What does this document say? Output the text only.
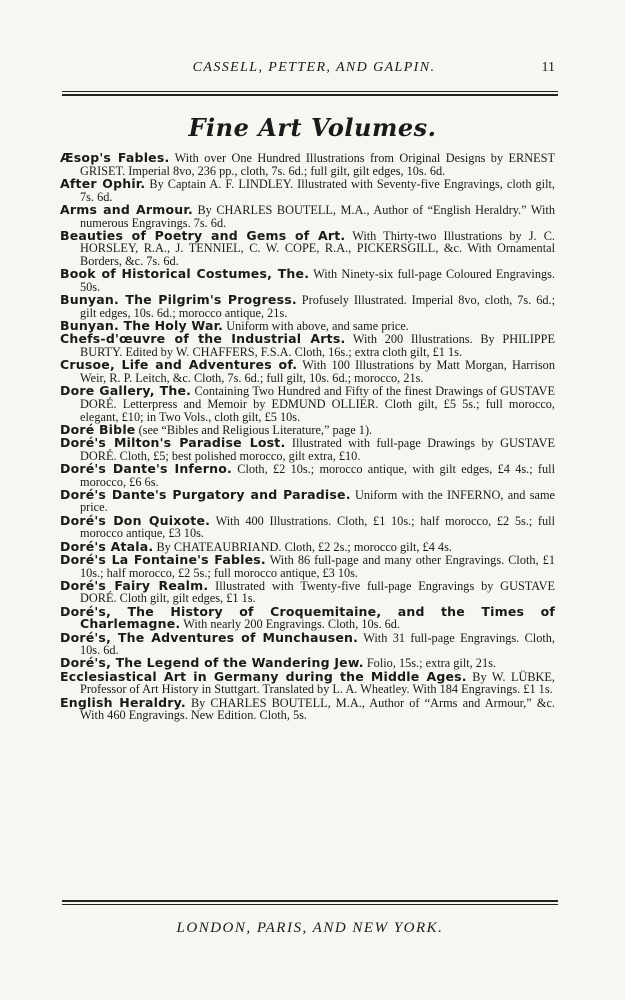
CASSELL, PETTER, AND GALPIN.	11
Fine Art Volumes.

Æsop's Fables. With over One Hundred Illustrations from Original Designs by ERNEST GRISET. Imperial 8vo, 236 pp., cloth, 7s. 6d.; full gilt, gilt edges, 10s. 6d.

After Ophir. By Captain A. F. LINDLEY. Illustrated with Seventy-five Engravings, cloth gilt, 7s. 6d.

Arms and Armour. By CHARLES BOUTELL, M.A., Author of “English Heraldry.” With numerous Engravings. 7s. 6d.

Beauties of Poetry and Gems of Art. With Thirty-two Illustrations by J. C. HORSLEY, R.A., J. TENNIEL, C. W. COPE, R.A., PICKERSGILL, &c. With Ornamental Borders, &c. 7s. 6d.

Book of Historical Costumes, The. With Ninety-six full-page Coloured Engravings. 50s.

Bunyan. The Pilgrim's Progress. Profusely Illustrated. Imperial 8vo, cloth, 7s. 6d.; gilt edges, 10s. 6d.; morocco antique, 21s.

Bunyan. The Holy War. Uniform with above, and same price.

Chefs-d'œuvre of the Industrial Arts. With 200 Illustrations. By PHILIPPE BURTY. Edited by W. CHAFFERS, F.S.A. Cloth, 16s.; extra cloth gilt, £1 1s.

Crusoe, Life and Adventures of. With 100 Illustrations by Matt Morgan, Harrison Weir, R. P. Leitch, &c. Cloth, 7s. 6d.; full gilt, 10s. 6d.; morocco, 21s.

Dore Gallery, The. Containing Two Hundred and Fifty of the finest Drawings of GUSTAVE DORÉ. Letterpress and Memoir by EDMUND OLLIER. Cloth gilt, £5 5s.; full morocco, elegant, £10; in Two Vols., cloth gilt, £5 10s.

Doré Bible (see “Bibles and Religious Literature,” page 1).

Doré's Milton's Paradise Lost. Illustrated with full-page Drawings by GUSTAVE DORÉ. Cloth, £5; best polished morocco, gilt extra, £10.

Doré's Dante's Inferno. Cloth, £2 10s.; morocco antique, with gilt edges, £4 4s.; full morocco, £6 6s.

Doré's Dante's Purgatory and Paradise. Uniform with the INFERNO, and same price.

Doré's Don Quixote. With 400 Illustrations. Cloth, £1 10s.; half morocco, £2 5s.; full morocco antique, £3 10s.

Doré's Atala. By CHATEAUBRIAND. Cloth, £2 2s.; morocco gilt, £4 4s.

Doré's La Fontaine's Fables. With 86 full-page and many other Engravings. Cloth, £1 10s.; half morocco, £2 5s.; full morocco antique, £3 10s.

Doré's Fairy Realm. Illustrated with Twenty-five full-page Engravings by GUSTAVE DORÉ. Cloth gilt, gilt edges, £1 1s.

Doré's, The History of Croquemitaine, and the Times of Charlemagne. With nearly 200 Engravings. Cloth, 10s. 6d.

Doré's, The Adventures of Munchausen. With 31 full-page Engravings. Cloth, 10s. 6d.

Doré's, The Legend of the Wandering Jew. Folio, 15s.; extra gilt, 21s.

Ecclesiastical Art in Germany during the Middle Ages. By W. LÜBKE, Professor of Art History in Stuttgart. Translated by L. A. Wheatley. With 184 Engravings. £1 1s.

English Heraldry. By CHARLES BOUTELL, M.A., Author of “Arms and Armour,” &c. With 460 Engravings. New Edition. Cloth, 5s.

LONDON, PARIS, AND NEW YORK.
